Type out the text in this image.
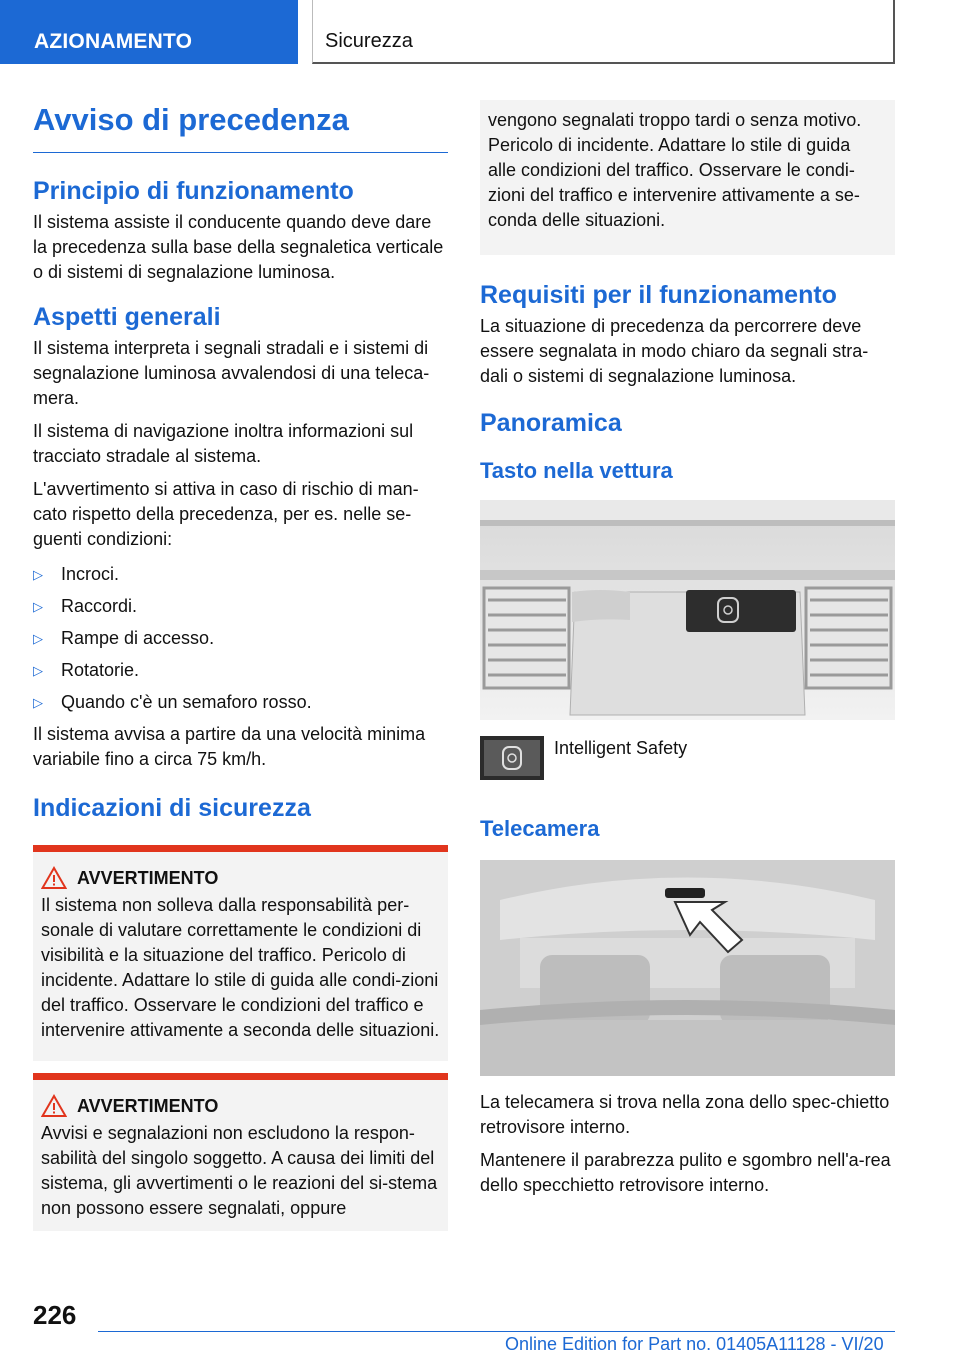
AZIONAMENTO	Sicurezza
Avviso di precedenza
Principio di funzionamento

Il sistema assiste il conducente quando deve dare la precedenza sulla base della segnaletica verticale o di sistemi di segnalazione luminosa.

Aspetti generali

Il sistema interpreta i segnali stradali e i sistemi di segnalazione luminosa avvalendosi di una teleca-mera.

Il sistema di navigazione inoltra informazioni sul tracciato stradale al sistema.

L'avvertimento si attiva in caso di rischio di man-cato rispetto della precedenza, per es. nelle se-guenti condizioni:

▷ Incroci.
▷ Raccordi.
▷ Rampe di accesso.
▷ Rotatorie.
▷ Quando c'è un semaforo rosso.

Il sistema avvisa a partire da una velocità minima variabile fino a circa 75 km/h.

Indicazioni di sicurezza
AVVERTIMENTO

Il sistema non solleva dalla responsabilità per-sonale di valutare correttamente le condizioni di visibilità e la situazione del traffico. Pericolo di incidente. Adattare lo stile di guida alle condi-zioni del traffico. Osservare le condizioni del traffico e intervenire attivamente a seconda delle situazioni.

AVVERTIMENTO

Avvisi e segnalazioni non escludono la respon-sabilità del singolo soggetto. A causa dei limiti del sistema, gli avvertimenti o le reazioni del si-stema non possono essere segnalati, oppure

vengono segnalati troppo tardi o senza motivo. Pericolo di incidente. Adattare lo stile di guida alle condizioni del traffico. Osservare le condi-zioni del traffico e intervenire attivamente a se-conda delle situazioni.

Requisiti per il funzionamento

La situazione di precedenza da percorrere deve essere segnalata in modo chiaro da segnali stra-dali o sistemi di segnalazione luminosa.

Panoramica
Tasto nella vettura

Intelligent Safety

Telecamera

La telecamera si trova nella zona dello spec-chietto retrovisore interno.

Mantenere il parabrezza pulito e sgombro nell'a-rea dello specchietto retrovisore interno.

226
Online Edition for Part no. 01405A11128 - VI/20
